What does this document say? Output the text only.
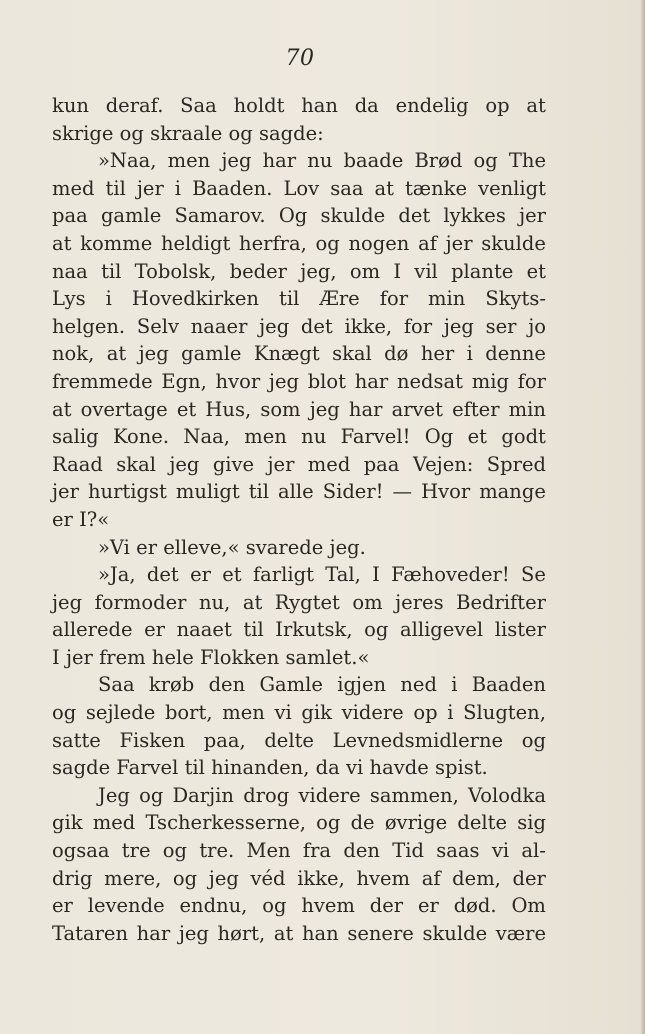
70
kun deraf. Saa holdt han da endelig op at
skrige og skraale og sagde:
»Naa, men jeg har nu baade Brød og The
med til jer i Baaden. Lov saa at tænke venligt
paa gamle Samarov. Og skulde det lykkes jer
at komme heldigt herfra, og nogen af jer skulde
naa til Tobolsk, beder jeg, om I vil plante et
Lys i Hovedkirken til Ære for min Skyts-
helgen. Selv naaer jeg det ikke, for jeg ser jo
nok, at jeg gamle Knægt skal dø her i denne
fremmede Egn, hvor jeg blot har nedsat mig for
at overtage et Hus, som jeg har arvet efter min
salig Kone. Naa, men nu Farvel! Og et godt
Raad skal jeg give jer med paa Vejen: Spred
jer hurtigst muligt til alle Sider! — Hvor mange
er I?«
»Vi er elleve,« svarede jeg.
»Ja, det er et farligt Tal, I Fæhoveder! Se
jeg formoder nu, at Rygtet om jeres Bedrifter
allerede er naaet til Irkutsk, og alligevel lister
I jer frem hele Flokken samlet.«
Saa krøb den Gamle igjen ned i Baaden
og sejlede bort, men vi gik videre op i Slugten,
satte Fisken paa, delte Levnedsmidlerne og
sagde Farvel til hinanden, da vi havde spist.
Jeg og Darjin drog videre sammen, Volodka
gik med Tscherkesserne, og de øvrige delte sig
ogsaa tre og tre. Men fra den Tid saas vi al-
drig mere, og jeg véd ikke, hvem af dem, der
er levende endnu, og hvem der er død. Om
Tataren har jeg hørt, at han senere skulde være
